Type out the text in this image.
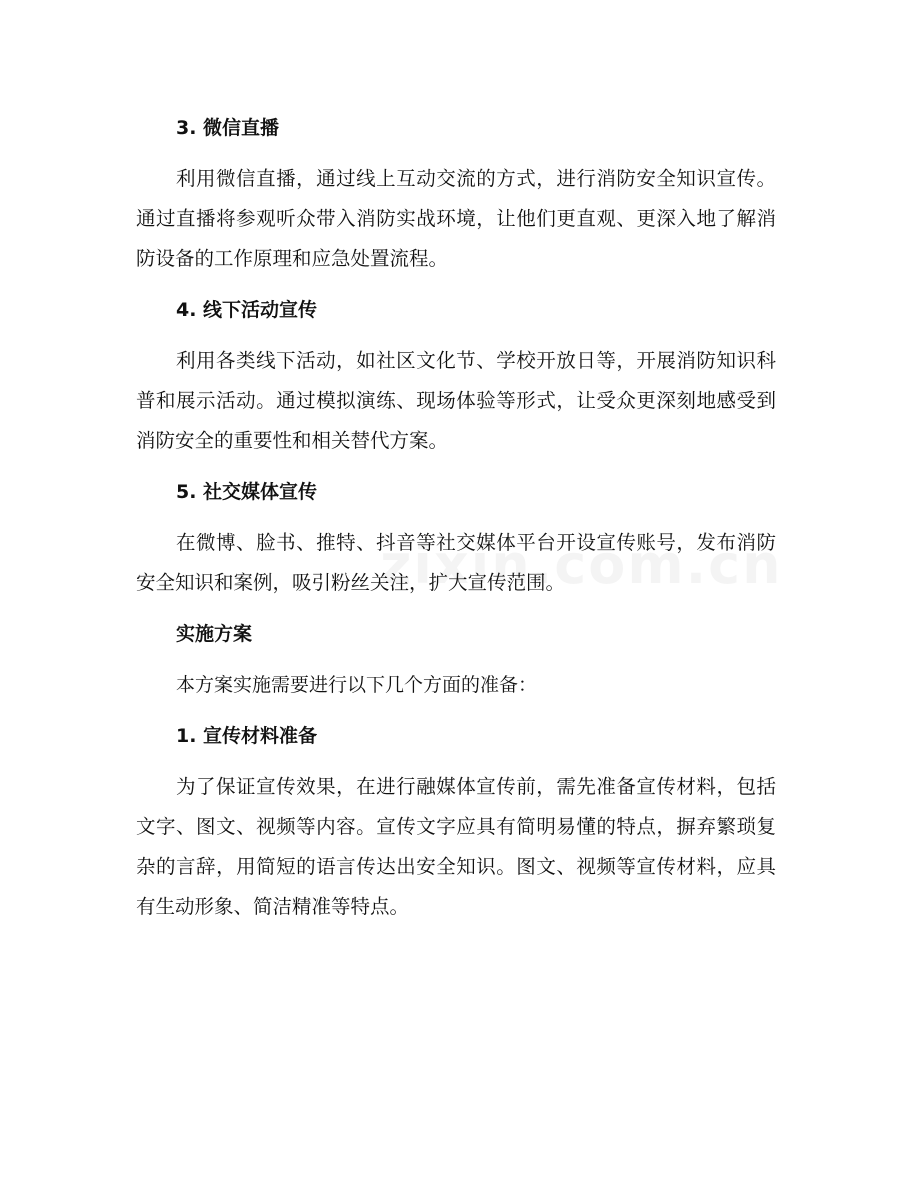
3. 微信直播

利用微信直播，通过线上互动交流的方式，进行消防安全知识宣传。通过直播将参观听众带入消防实战环境，让他们更直观、更深入地了解消防设备的工作原理和应急处置流程。

4. 线下活动宣传

利用各类线下活动，如社区文化节、学校开放日等，开展消防知识科普和展示活动。通过模拟演练、现场体验等形式，让受众更深刻地感受到消防安全的重要性和相关替代方案。

5. 社交媒体宣传

在微博、脸书、推特、抖音等社交媒体平台开设宣传账号，发布消防安全知识和案例，吸引粉丝关注，扩大宣传范围。

实施方案

本方案实施需要进行以下几个方面的准备：

1. 宣传材料准备

为了保证宣传效果，在进行融媒体宣传前，需先准备宣传材料，包括文字、图文、视频等内容。宣传文字应具有简明易懂的特点，摒弃繁琐复杂的言辞，用简短的语言传达出安全知识。图文、视频等宣传材料，应具有生动形象、简洁精准等特点。
